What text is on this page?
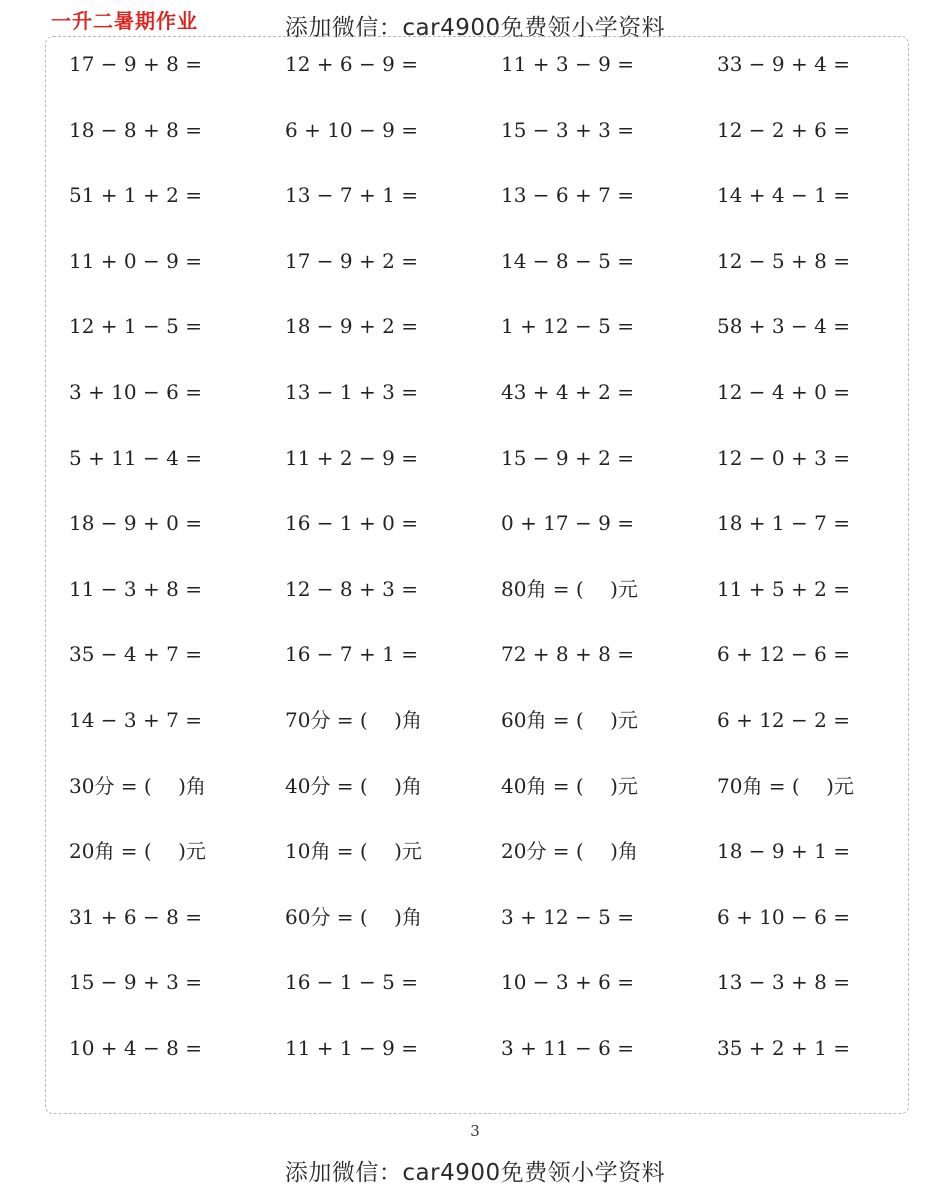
一升二暑期作业	添加微信：car4900免费领小学资料
17 − 9 + 8 =	12 + 6 − 9 =	11 + 3 − 9 =	33 − 9 + 4 =
18 − 8 + 8 =	6 + 10 − 9 =	15 − 3 + 3 =	12 − 2 + 6 =
51 + 1 + 2 =	13 − 7 + 1 =	13 − 6 + 7 =	14 + 4 − 1 =
11 + 0 − 9 =	17 − 9 + 2 =	14 − 8 − 5 =	12 − 5 + 8 =
12 + 1 − 5 =	18 − 9 + 2 =	1 + 12 − 5 =	58 + 3 − 4 =
3 + 10 − 6 =	13 − 1 + 3 =	43 + 4 + 2 =	12 − 4 + 0 =
5 + 11 − 4 =	11 + 2 − 9 =	15 − 9 + 2 =	12 − 0 + 3 =
18 − 9 + 0 =	16 − 1 + 0 =	0 + 17 − 9 =	18 + 1 − 7 =
11 − 3 + 8 =	12 − 8 + 3 =	80角 = (　 )元	11 + 5 + 2 =
35 − 4 + 7 =	16 − 7 + 1 =	72 + 8 + 8 =	6 + 12 − 6 =
14 − 3 + 7 =	70分 = (　 )角	60角 = (　 )元	6 + 12 − 2 =
30分 = (　 )角	40分 = (　 )角	40角 = (　 )元	70角 = (　 )元
20角 = (　 )元	10角 = (　 )元	20分 = (　 )角	18 − 9 + 1 =
31 + 6 − 8 =	60分 = (　 )角	3 + 12 − 5 =	6 + 10 − 6 =
15 − 9 + 3 =	16 − 1 − 5 =	10 − 3 + 6 =	13 − 3 + 8 =
10 + 4 − 8 =	11 + 1 − 9 =	3 + 11 − 6 =	35 + 2 + 1 =
3
添加微信：car4900免费领小学资料
